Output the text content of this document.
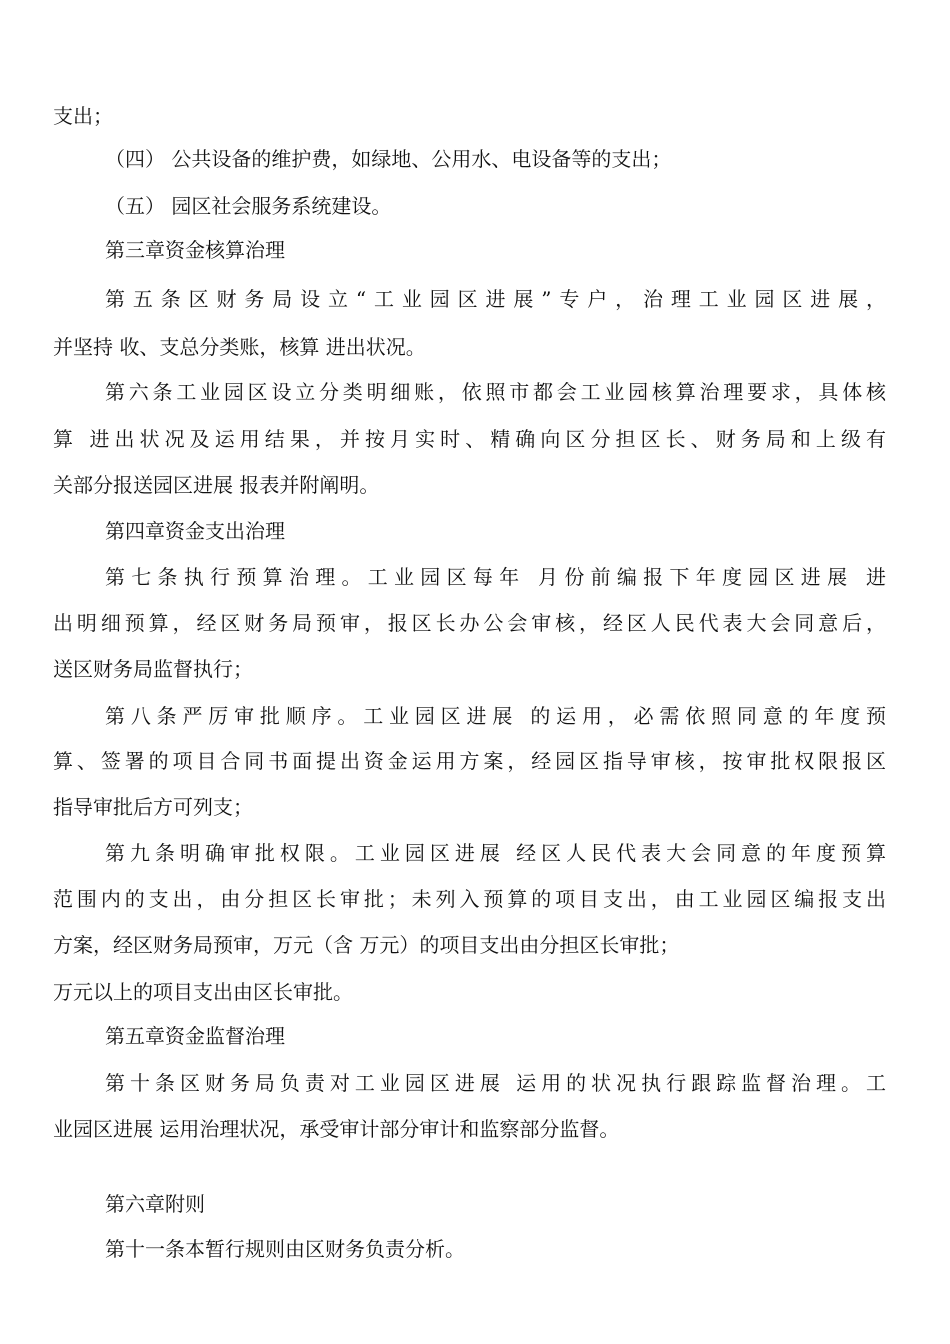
支出；
（四） 公共设备的维护费，如绿地、公用水、电设备等的支出；
（五） 园区社会服务系统建设。
第三章资金核算治理
第五条区财务局设立“工业园区进展”专户，治理工业园区进展，
并坚持 收、支总分类账，核算 进出状况。
第六条工业园区设立分类明细账，依照市都会工业园核算治理要求，具体核
算 进出状况及运用结果，并按月实时、精确向区分担区长、财务局和上级有
关部分报送园区进展 报表并附阐明。
第四章资金支出治理
第七条执行预算治理。工业园区每年 月份前编报下年度园区进展 进
出明细预算，经区财务局预审，报区长办公会审核，经区人民代表大会同意后，
送区财务局监督执行；
第八条严厉审批顺序。工业园区进展 的运用，必需依照同意的年度预
算、签署的项目合同书面提出资金运用方案，经园区指导审核，按审批权限报区
指导审批后方可列支；
第九条明确审批权限。工业园区进展 经区人民代表大会同意的年度预算
范围内的支出，由分担区长审批；未列入预算的项目支出，由工业园区编报支出
方案，经区财务局预审，万元（含 万元）的项目支出由分担区长审批；
万元以上的项目支出由区长审批。
第五章资金监督治理
第十条区财务局负责对工业园区进展 运用的状况执行跟踪监督治理。工
业园区进展 运用治理状况，承受审计部分审计和监察部分监督。
第六章附则
第十一条本暂行规则由区财务负责分析。
